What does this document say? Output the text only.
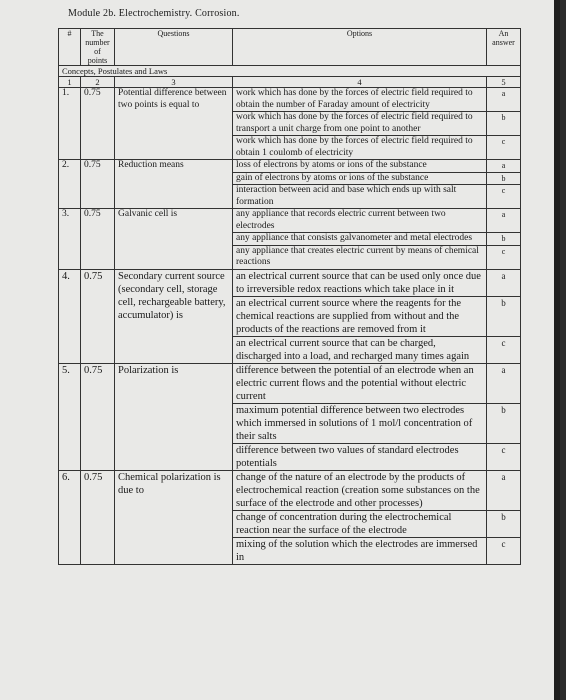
Module 2b. Electrochemistry. Corrosion.
#	The number of points	Questions	Options	An answer
Concepts, Postulates and Laws				
1	2	3	4	5
1.	0.75	Potential difference between two points is equal to	work which has done by the forces of electric field required to obtain the number of Faraday amount of electricity	a
			work which has done by the forces of electric field required to transport a unit charge from one point to another	b
			work which has done by the forces of electric field required to obtain 1 coulomb of electricity	c
2.	0.75	Reduction means	loss of electrons by atoms or ions of the substance	a
			gain of electrons by atoms or ions of the substance	b
			interaction between acid and base which ends up with salt formation	c
3.	0.75	Galvanic cell is	any appliance that records electric current between two electrodes	a
			any appliance that consists galvanometer and metal electrodes	b
			any appliance that creates electric current by means of chemical reactions	c
4.	0.75	Secondary current source (secondary cell, storage cell, rechargeable battery, accumulator) is	an electrical current source that can be used only once due to irreversible redox reactions which take place in it	a
			an electrical current source where the reagents for the chemical reactions are supplied from without and the products of the reactions are removed from it	b
			an electrical current source that can be charged, discharged into a load, and recharged many times again	c
5.	0.75	Polarization is	difference between the potential of an electrode when an electric current flows and the potential without electric current	a
			maximum potential difference between two electrodes which immersed in solutions of 1 mol/l concentration of their salts	b
			difference between two values of standard electrodes potentials	c
6.	0.75	Chemical polarization is due to	change of the nature of an electrode by the products of electrochemical reaction (creation some substances on the surface of the electrode and other processes)	a
			change of concentration during the electrochemical reaction near the surface of the electrode	b
			mixing of the solution which the electrodes are immersed in	c
